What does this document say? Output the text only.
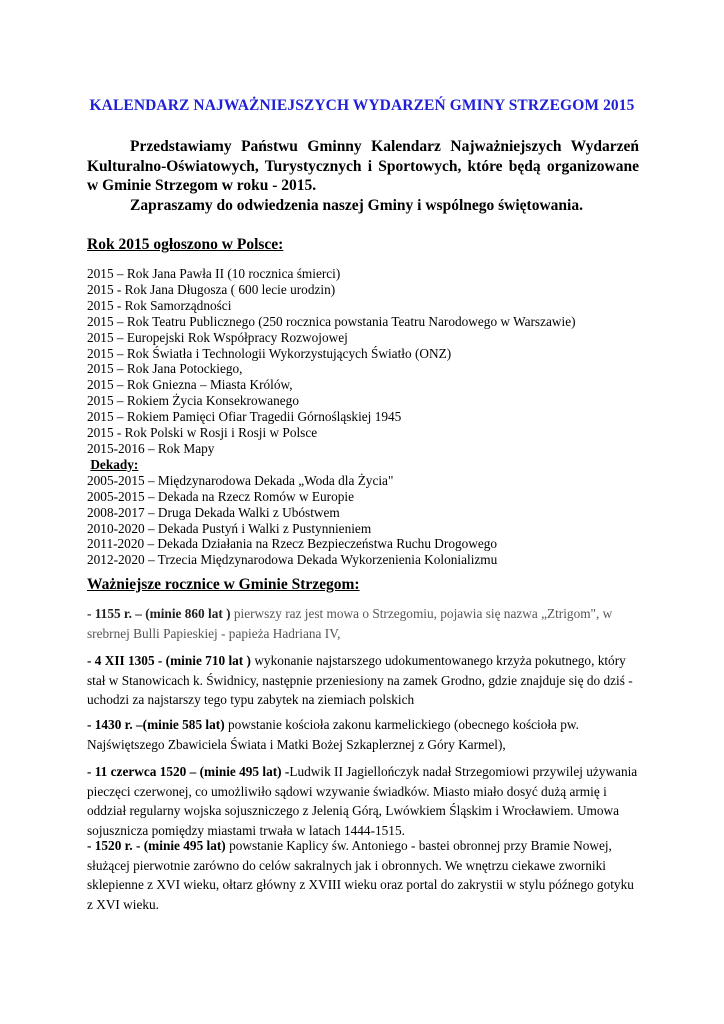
KALENDARZ NAJWAŻNIEJSZYCH WYDARZEŃ GMINY STRZEGOM 2015

Przedstawiamy Państwu Gminny Kalendarz Najważniejszych Wydarzeń Kulturalno-Oświatowych, Turystycznych i Sportowych, które będą organizowane w Gminie Strzegom w roku - 2015.

Zapraszamy do odwiedzenia naszej Gminy i wspólnego świętowania.

Rok 2015 ogłoszono w Polsce:
2015 – Rok Jana Pawła II (10 rocznica śmierci)
2015 - Rok Jana Długosza ( 600 lecie urodzin)
2015 - Rok Samorządności
2015 – Rok Teatru Publicznego (250 rocznica powstania Teatru Narodowego w Warszawie)
2015 – Europejski Rok Współpracy Rozwojowej
2015 – Rok Światła i Technologii Wykorzystujących Światło (ONZ)
2015 – Rok Jana Potockiego,
2015 – Rok Gniezna – Miasta Królów,
2015 – Rokiem Życia Konsekrowanego
2015 – Rokiem Pamięci Ofiar Tragedii Górnośląskiej 1945
2015 - Rok Polski w Rosji i Rosji w Polsce
2015-2016 – Rok Mapy
Dekady:
2005-2015 – Międzynarodowa Dekada „Woda dla Życia"
2005-2015 – Dekada na Rzecz Romów w Europie
2008-2017 – Druga Dekada Walki z Ubóstwem
2010-2020 – Dekada Pustyń i Walki z Pustynnieniem
2011-2020 – Dekada Działania na Rzecz Bezpieczeństwa Ruchu Drogowego
2012-2020 – Trzecia Międzynarodowa Dekada Wykorzenienia Kolonializmu
Ważniejsze rocznice w Gminie Strzegom:
- 1155 r. – (minie 860 lat ) pierwszy raz jest mowa o Strzegomiu, pojawia się nazwa „Ztrigom", w srebrnej Bulli Papieskiej - papieża Hadriana IV,
- 4 XII 1305 - (minie 710 lat ) wykonanie najstarszego udokumentowanego krzyża pokutnego, który stał w Stanowicach k. Świdnicy, następnie przeniesiony na zamek Grodno, gdzie znajduje się do dziś - uchodzi za najstarszy tego typu zabytek na ziemiach polskich
- 1430 r. –(minie 585 lat) powstanie kościoła zakonu karmelickiego (obecnego kościoła pw. Najświętszego Zbawiciela Świata i Matki Bożej Szkaplerznej z Góry Karmel),
- 11 czerwca 1520 – (minie 495 lat) -Ludwik II Jagiellończyk nadał Strzegomiowi przywilej używania pieczęci czerwonej, co umożliwiło sądowi wzywanie świadków. Miasto miało dosyć dużą armię i oddział regularny wojska sojuszniczego z Jelenią Górą, Lwówkiem Śląskim i Wrocławiem. Umowa sojusznicza pomiędzy miastami trwała w latach 1444-1515.
- 1520 r. - (minie 495 lat) powstanie Kaplicy św. Antoniego - bastei obronnej przy Bramie Nowej, służącej pierwotnie zarówno do celów sakralnych jak i obronnych. We wnętrzu ciekawe zworniki sklepienne z XVI wieku, ołtarz główny z XVIII wieku oraz portal do zakrystii w stylu późnego gotyku z XVI wieku.
